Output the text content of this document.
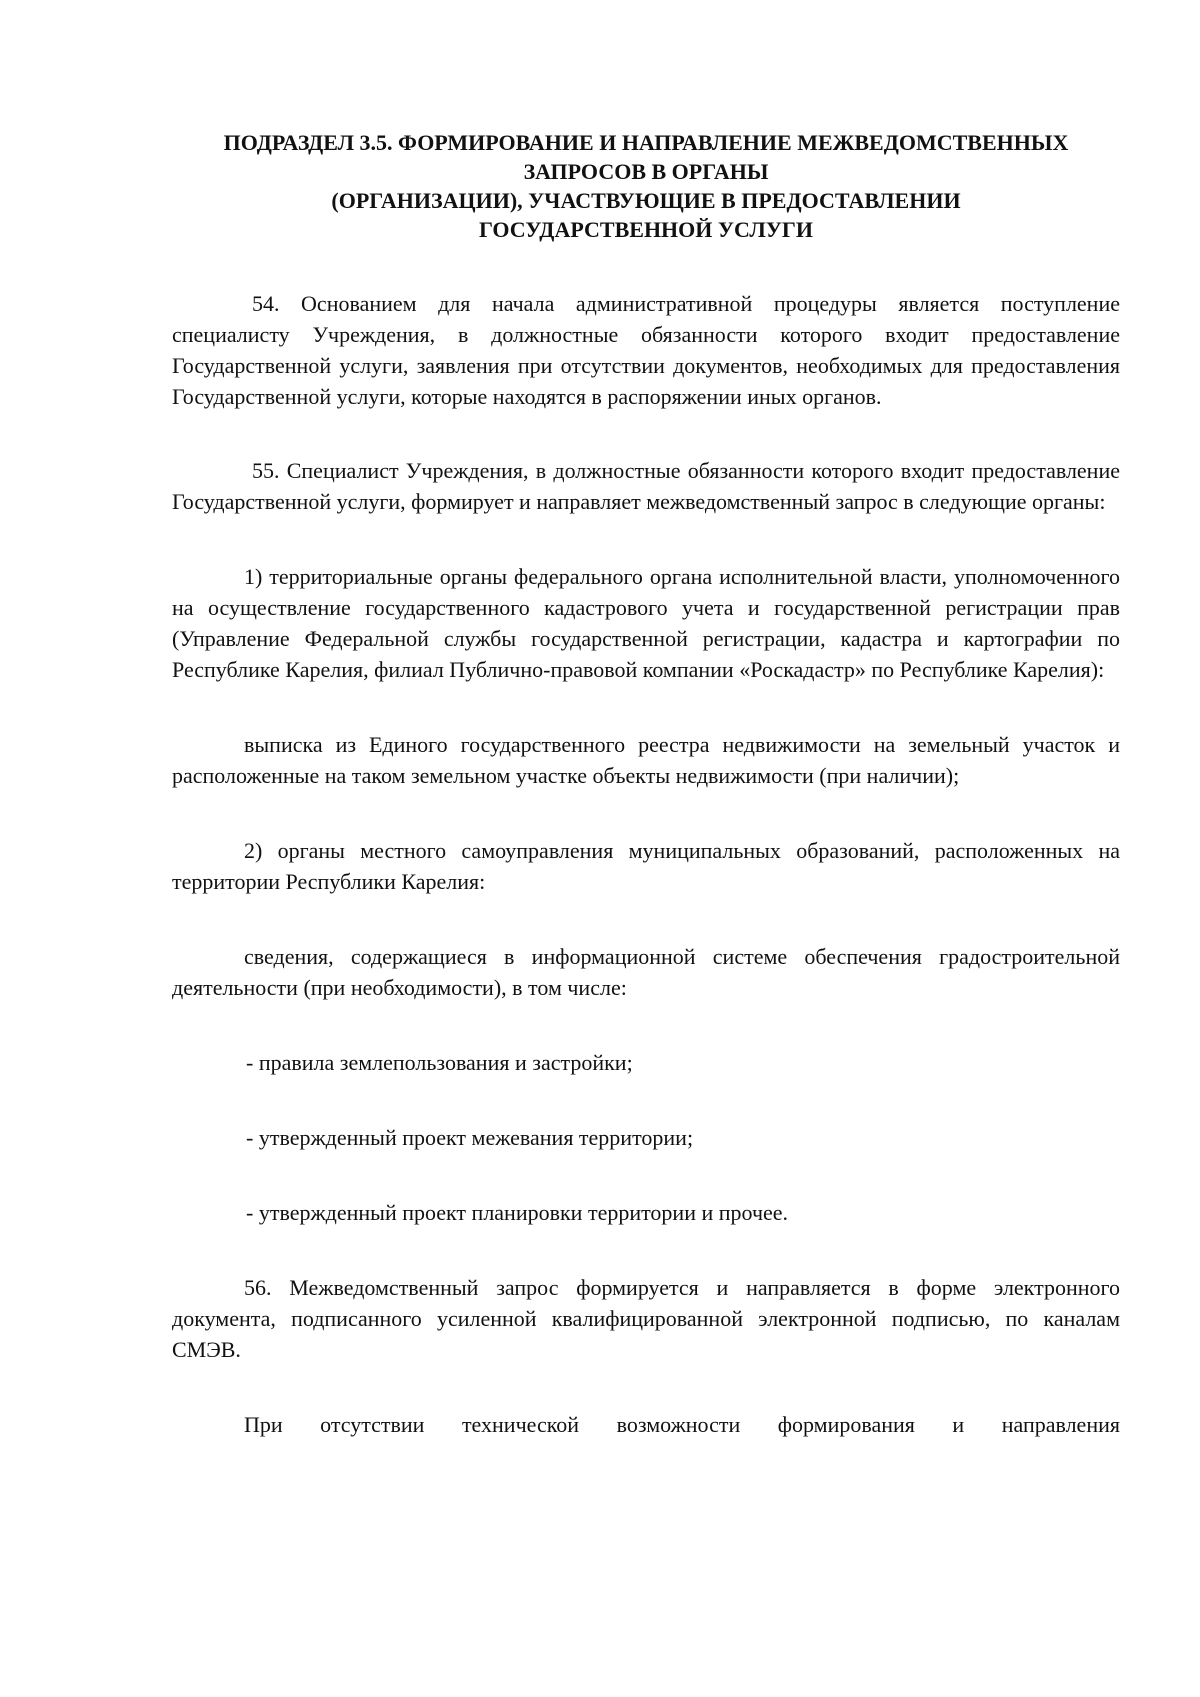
ПОДРАЗДЕЛ 3.5. ФОРМИРОВАНИЕ И НАПРАВЛЕНИЕ МЕЖВЕДОМСТВЕННЫХ
ЗАПРОСОВ В ОРГАНЫ
(ОРГАНИЗАЦИИ), УЧАСТВУЮЩИЕ В ПРЕДОСТАВЛЕНИИ
ГОСУДАРСТВЕННОЙ УСЛУГИ

54. Основанием для начала административной процедуры является поступление специалисту Учреждения, в должностные обязанности которого входит предоставление Государственной услуги, заявления при отсутствии документов, необходимых для предоставления Государственной услуги, которые находятся в распоряжении иных органов.

55. Специалист Учреждения, в должностные обязанности которого входит предоставление Государственной услуги, формирует и направляет межведомственный запрос в следующие органы:

1) территориальные органы федерального органа исполнительной власти, уполномоченного на осуществление государственного кадастрового учета и государственной регистрации прав (Управление Федеральной службы государственной регистрации, кадастра и картографии по Республике Карелия, филиал Публично-правовой компании «Роскадастр» по Республике Карелия):

выписка из Единого государственного реестра недвижимости на земельный участок и расположенные на таком земельном участке объекты недвижимости (при наличии);

2) органы местного самоуправления муниципальных образований, расположенных на территории Республики Карелия:

сведения, содержащиеся в информационной системе обеспечения градостроительной деятельности (при необходимости), в том числе:

- правила землепользования и застройки;

- утвержденный проект межевания территории;

- утвержденный проект планировки территории и прочее.

56. Межведомственный запрос формируется и направляется в форме электронного документа, подписанного усиленной квалифицированной электронной подписью, по каналам СМЭВ.

При отсутствии технической возможности формирования и направления
